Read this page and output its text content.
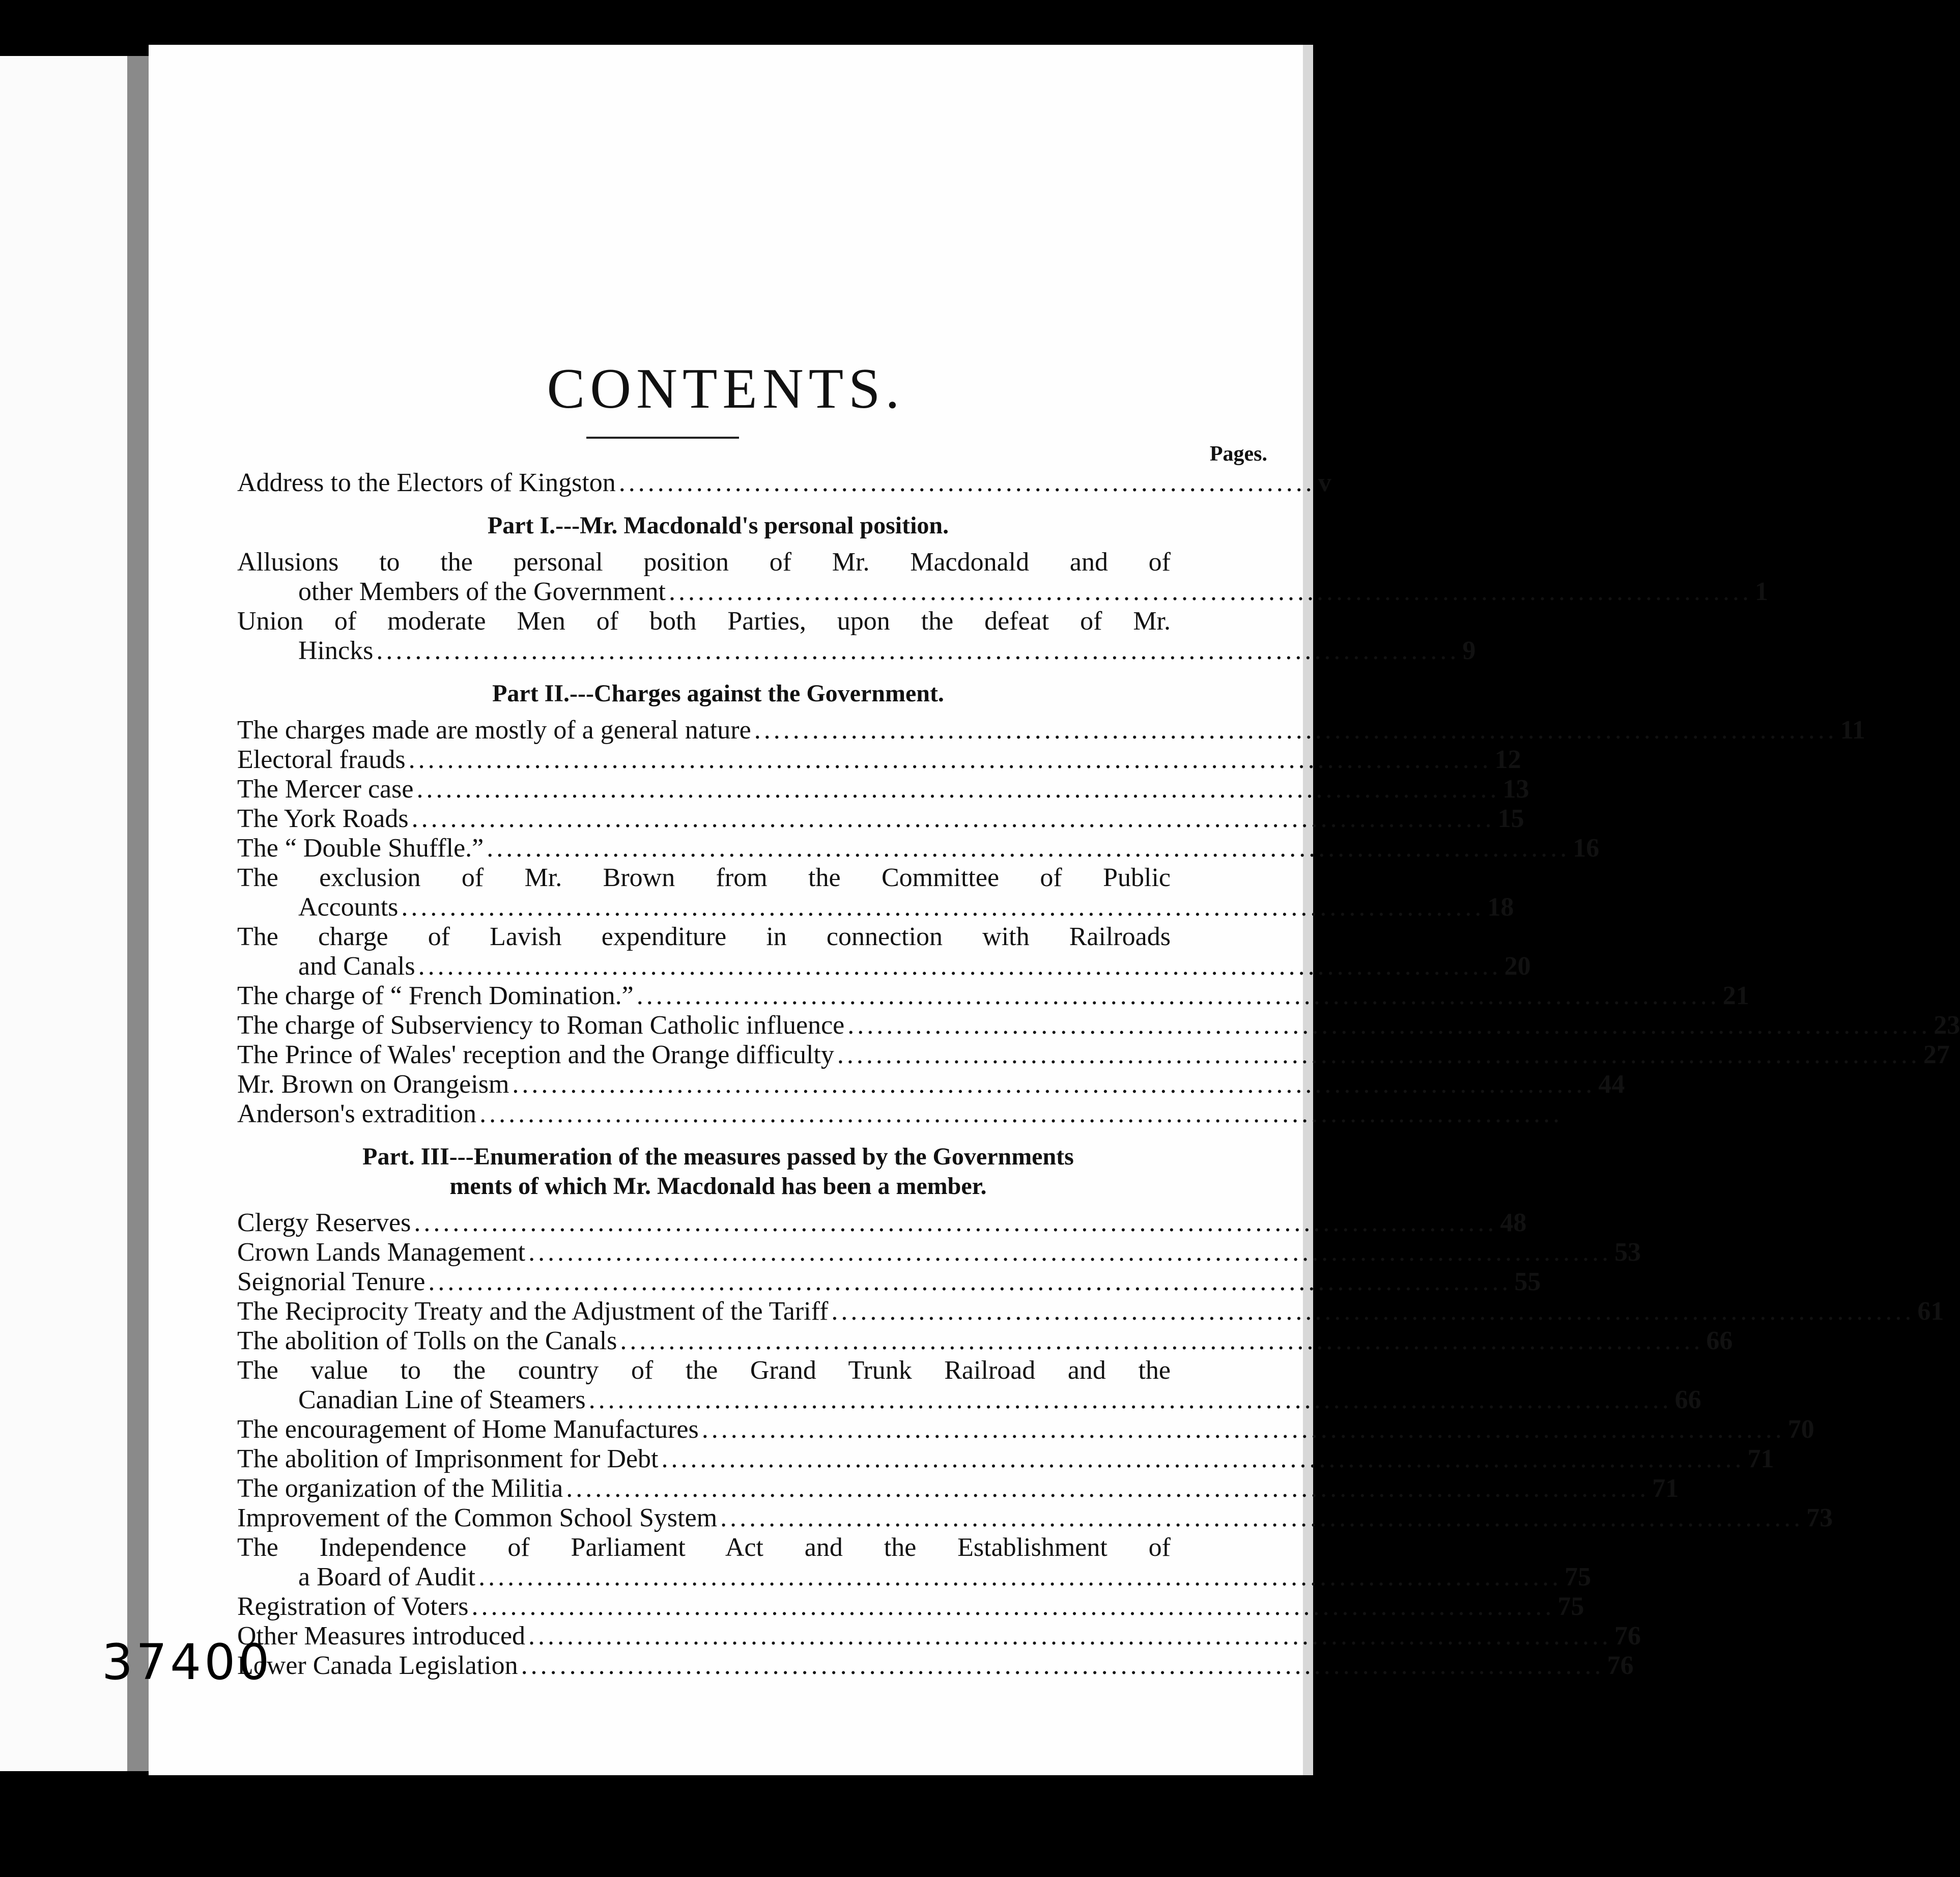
CONTENTS.
Pages.
Address to the Electors of Kingston ........................................................................ v
Part I.---Mr. Macdonald's personal position.
Allusions to the personal position of Mr. Macdonald and of
other Members of the Government ................................................................................................................ 1
Union of moderate Men of both Parties, upon the defeat of Mr.
Hincks ................................................................................................................ 9
Part II.---Charges against the Government.
The charges made are mostly of a general nature ................................................................................................................ 11
Electoral frauds ................................................................................................................ 12
The Mercer case ................................................................................................................ 13
The York Roads ................................................................................................................ 15
The “ Double Shuffle.” ................................................................................................................ 16
The exclusion of Mr. Brown from the Committee of Public
Accounts ................................................................................................................ 18
The charge of Lavish expenditure in connection with Railroads
and Canals ................................................................................................................ 20
The charge of “ French Domination.” ................................................................................................................ 21
The charge of Subserviency to Roman Catholic influence ................................................................................................................ 23
The Prince of Wales' reception and the Orange difficulty ................................................................................................................ 27
Mr. Brown on Orangeism ................................................................................................................ 44
Anderson's extradition ................................................................................................................
Part. III---Enumeration of the measures passed by the Governments
ments of which Mr. Macdonald has been a member.
Clergy Reserves ................................................................................................................ 48
Crown Lands Management ................................................................................................................ 53
Seignorial Tenure ................................................................................................................ 55
The Reciprocity Treaty and the Adjustment of the Tariff ................................................................................................................ 61
The abolition of Tolls on the Canals ................................................................................................................ 66
The value to the country of the Grand Trunk Railroad and the
Canadian Line of Steamers ................................................................................................................ 66
The encouragement of Home Manufactures ................................................................................................................ 70
The abolition of Imprisonment for Debt ................................................................................................................ 71
The organization of the Militia ................................................................................................................ 71
Improvement of the Common School System ................................................................................................................ 73
The Independence of Parliament Act and the Establishment of
a Board of Audit ................................................................................................................ 75
Registration of Voters ................................................................................................................ 75
Other Measures introduced ................................................................................................................ 76
Lower Canada Legislation ................................................................................................................ 76
37400
